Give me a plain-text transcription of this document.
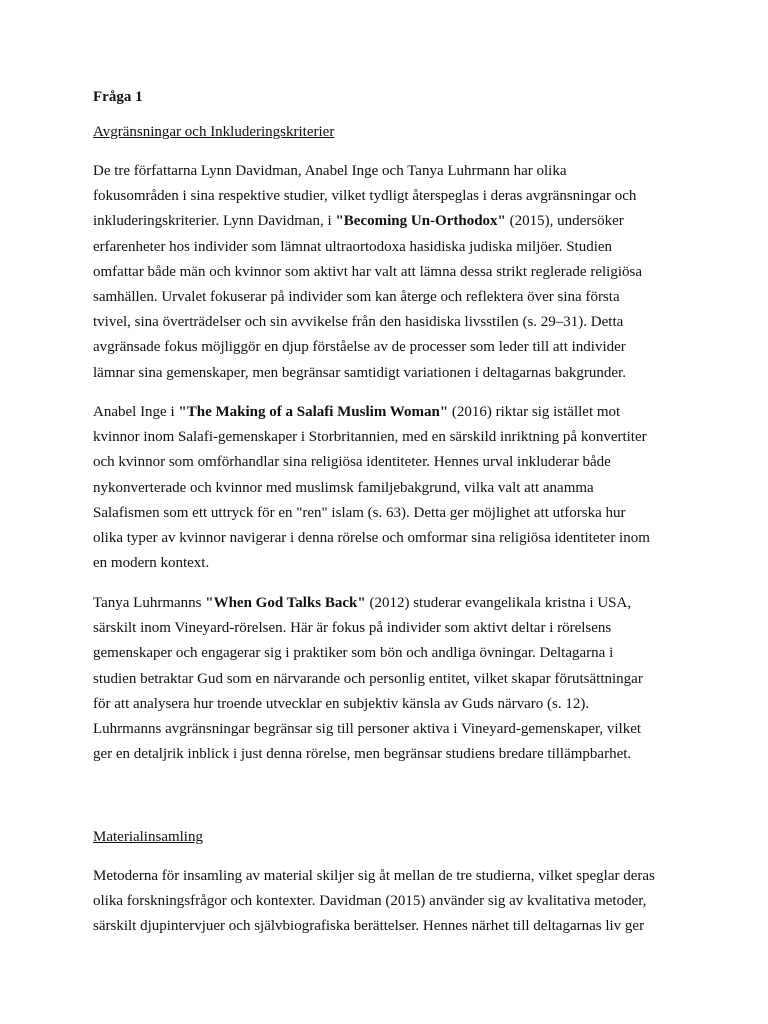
Fråga 1
Avgränsningar och Inkluderingskriterier

De tre författarna Lynn Davidman, Anabel Inge och Tanya Luhrmann har olika

fokusområden i sina respektive studier, vilket tydligt återspeglas i deras avgränsningar och

inkluderingskriterier. Lynn Davidman, i "Becoming Un-Orthodox" (2015), undersöker

erfarenheter hos individer som lämnat ultraortodoxa hasidiska judiska miljöer. Studien

omfattar både män och kvinnor som aktivt har valt att lämna dessa strikt reglerade religiösa

samhällen. Urvalet fokuserar på individer som kan återge och reflektera över sina första

tvivel, sina överträdelser och sin avvikelse från den hasidiska livsstilen (s. 29–31). Detta

avgränsade fokus möjliggör en djup förståelse av de processer som leder till att individer

lämnar sina gemenskaper, men begränsar samtidigt variationen i deltagarnas bakgrunder.

Anabel Inge i "The Making of a Salafi Muslim Woman" (2016) riktar sig istället mot

kvinnor inom Salafi-gemenskaper i Storbritannien, med en särskild inriktning på konvertiter

och kvinnor som omförhandlar sina religiösa identiteter. Hennes urval inkluderar både

nykonverterade och kvinnor med muslimsk familjebakgrund, vilka valt att anamma

Salafismen som ett uttryck för en "ren" islam (s. 63). Detta ger möjlighet att utforska hur

olika typer av kvinnor navigerar i denna rörelse och omformar sina religiösa identiteter inom

en modern kontext.

Tanya Luhrmanns "When God Talks Back" (2012) studerar evangelikala kristna i USA,

särskilt inom Vineyard-rörelsen. Här är fokus på individer som aktivt deltar i rörelsens

gemenskaper och engagerar sig i praktiker som bön och andliga övningar. Deltagarna i

studien betraktar Gud som en närvarande och personlig entitet, vilket skapar förutsättningar

för att analysera hur troende utvecklar en subjektiv känsla av Guds närvaro (s. 12).

Luhrmanns avgränsningar begränsar sig till personer aktiva i Vineyard-gemenskaper, vilket

ger en detaljrik inblick i just denna rörelse, men begränsar studiens bredare tillämpbarhet.

Materialinsamling

Metoderna för insamling av material skiljer sig åt mellan de tre studierna, vilket speglar deras

olika forskningsfrågor och kontexter. Davidman (2015) använder sig av kvalitativa metoder,

särskilt djupintervjuer och självbiografiska berättelser. Hennes närhet till deltagarnas liv ger
